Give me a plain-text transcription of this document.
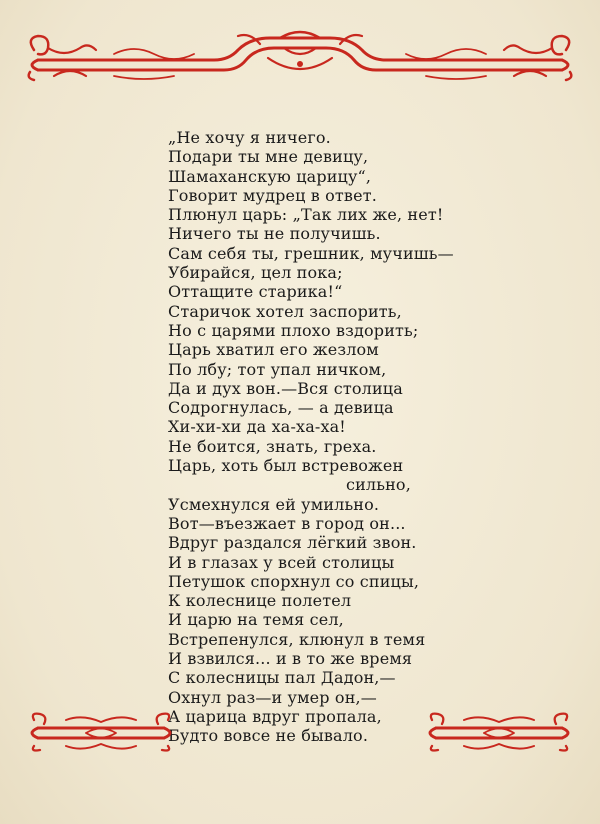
„Не хочу я ничего.
Подари ты мне девицу,
Шамаханскую царицу“,
Говорит мудрец в ответ.
Плюнул царь: „Так лих же, нет!
Ничего ты не получишь.
Сам себя ты, грешник, мучишь—
Убирайся, цел пока;
Оттащите старика!“
Старичок хотел заспорить,
Но с царями плохо вздорить;
Царь хватил его жезлом
По лбу; тот упал ничком,
Да и дух вон.—Вся столица
Содрогнулась, — а девица
Хи-хи-хи да ха-ха-ха!
Не боится, знать, греха.
Царь, хоть был встревожен
сильно,
Усмехнулся ей умильно.
Вот—въезжает в город он...
Вдруг раздался лёгкий звон.
И в глазах у всей столицы
Петушок спорхнул со спицы,
К колеснице полетел
И царю на темя сел,
Встрепенулся, клюнул в темя
И взвился... и в то же время
С колесницы пал Дадон,—
Охнул раз—и умер он,—
А царица вдруг пропала,
Будто вовсе не бывало.
